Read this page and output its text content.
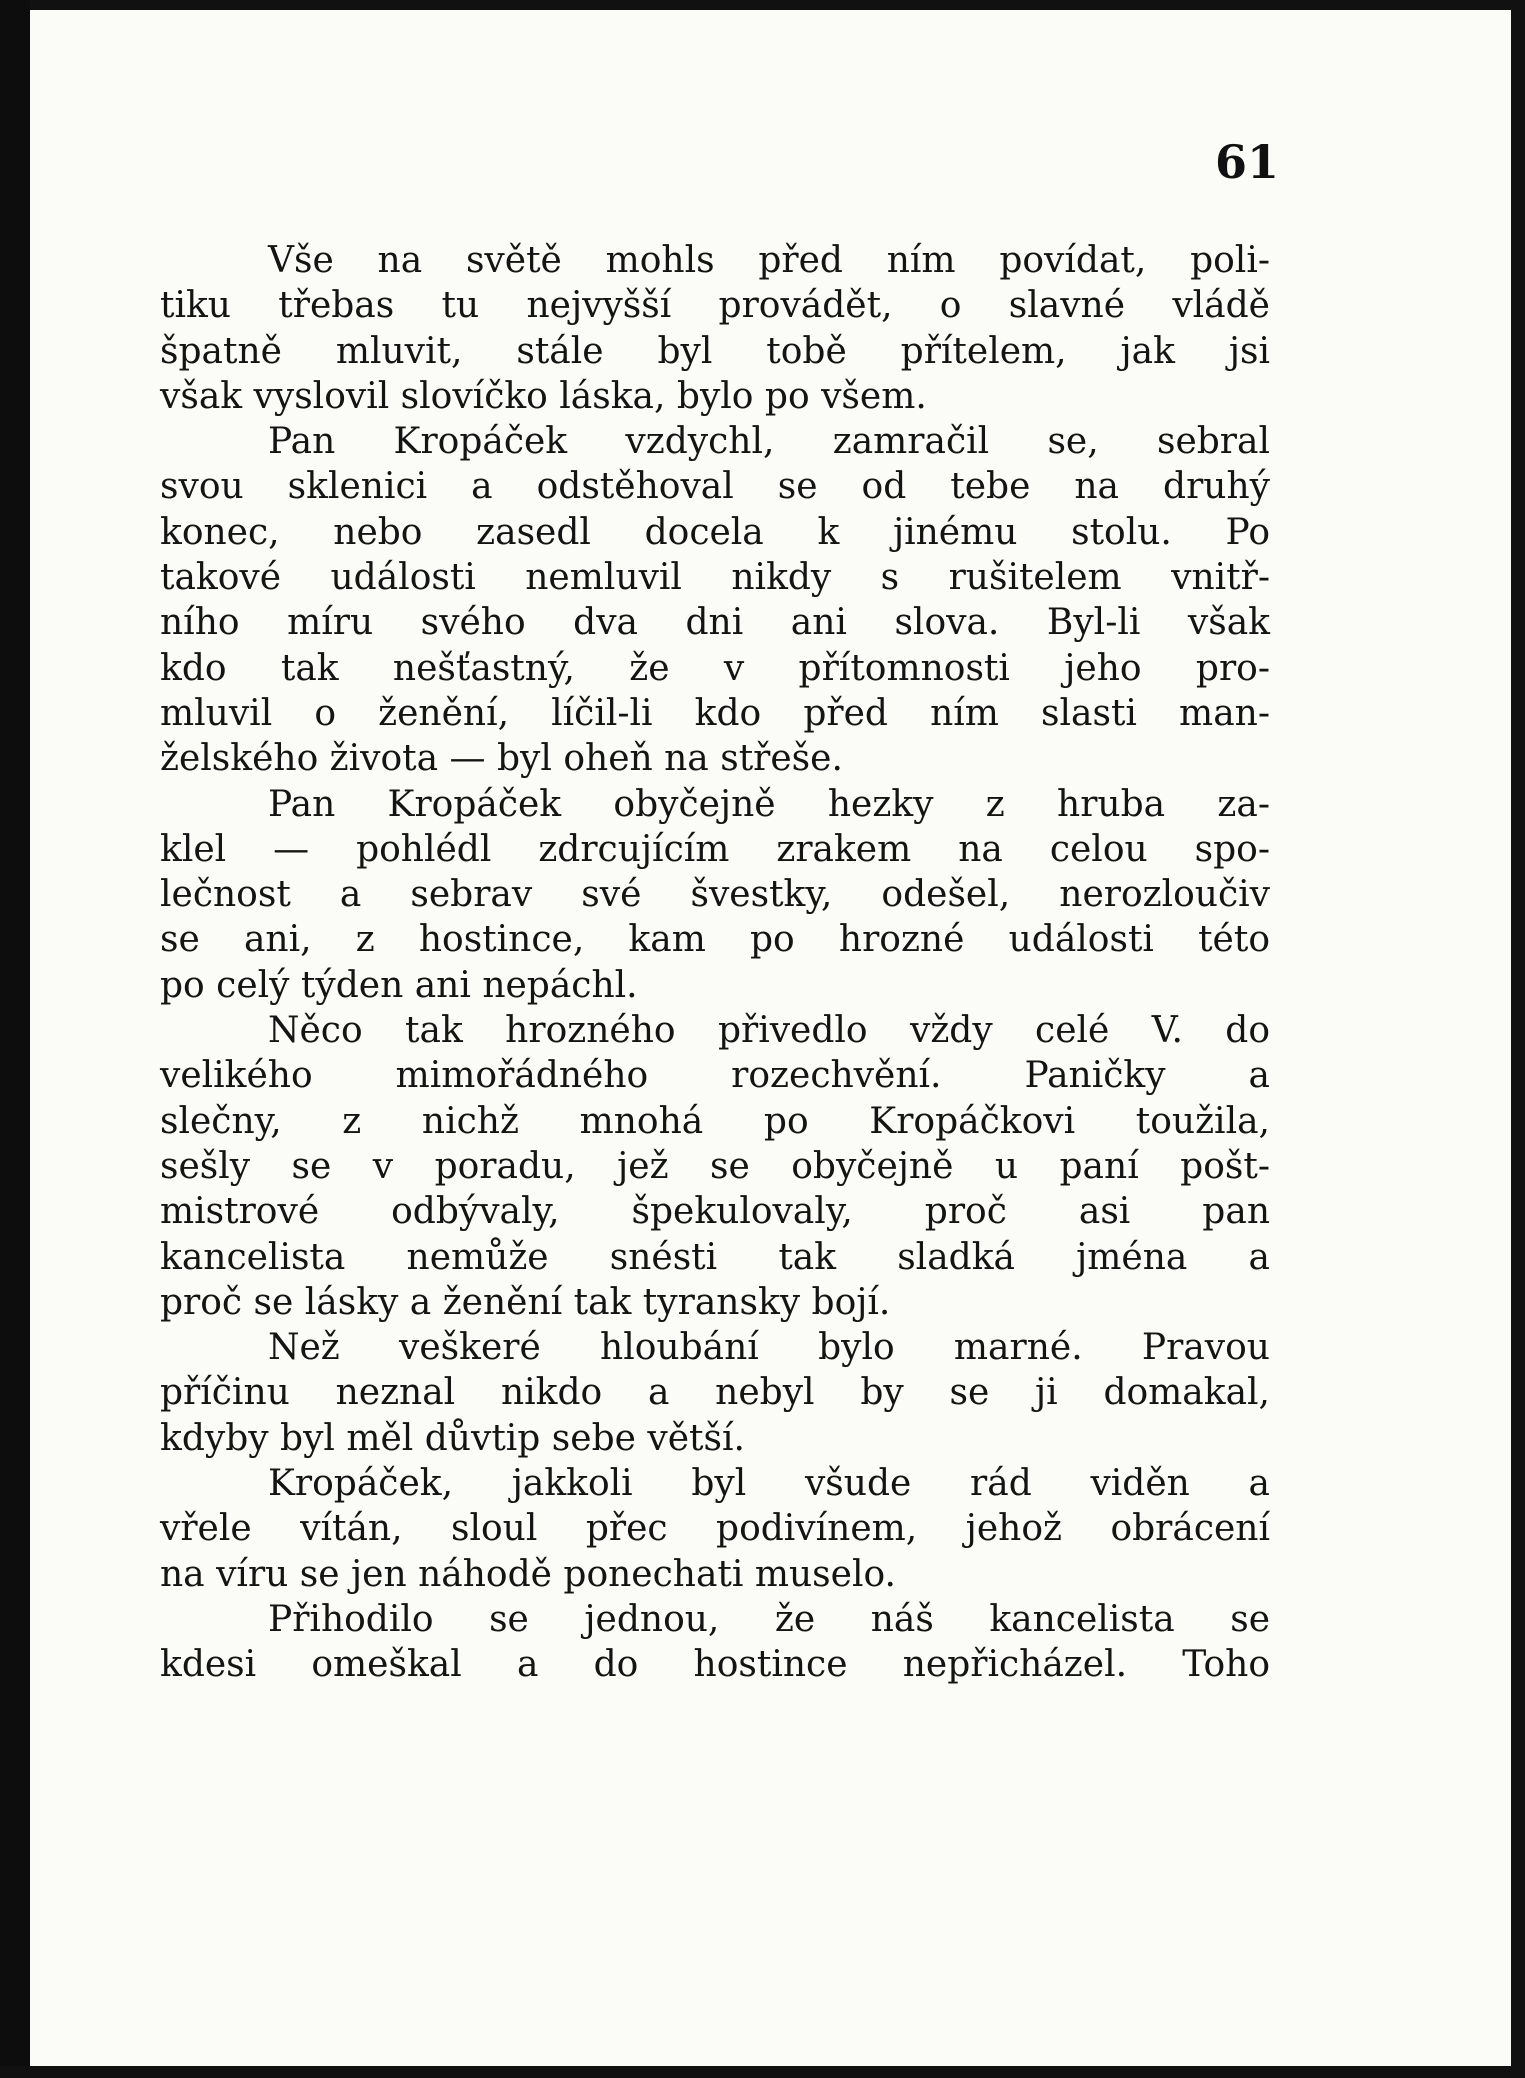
61
Vše na světě mohls před ním povídat, poli-
tiku třebas tu nejvyšší provádět, o slavné vládě
špatně mluvit, stále byl tobě přítelem, jak jsi
však vyslovil slovíčko láska, bylo po všem.
Pan Kropáček vzdychl, zamračil se, sebral
svou sklenici a odstěhoval se od tebe na druhý
konec, nebo zasedl docela k jinému stolu. Po
takové události nemluvil nikdy s rušitelem vnitř-
ního míru svého dva dni ani slova. Byl-li však
kdo tak nešťastný, že v přítomnosti jeho pro-
mluvil o ženění, líčil-li kdo před ním slasti man-
želského života — byl oheň na střeše.
Pan Kropáček obyčejně hezky z hruba za-
klel — pohlédl zdrcujícím zrakem na celou spo-
lečnost a sebrav své švestky, odešel, nerozloučiv
se ani, z hostince, kam po hrozné události této
po celý týden ani nepáchl.
Něco tak hrozného přivedlo vždy celé V. do
velikého mimořádného rozechvění. Paničky a
slečny, z nichž mnohá po Kropáčkovi toužila,
sešly se v poradu, jež se obyčejně u paní pošt-
mistrové odbývaly, špekulovaly, proč asi pan
kancelista nemůže snésti tak sladká jména a
proč se lásky a ženění tak tyransky bojí.
Než veškeré hloubání bylo marné. Pravou
příčinu neznal nikdo a nebyl by se ji domakal,
kdyby byl měl důvtip sebe větší.
Kropáček, jakkoli byl všude rád viděn a
vřele vítán, sloul přec podivínem, jehož obrácení
na víru se jen náhodě ponechati muselo.
Přihodilo se jednou, že náš kancelista se
kdesi omeškal a do hostince nepřicházel. Toho
